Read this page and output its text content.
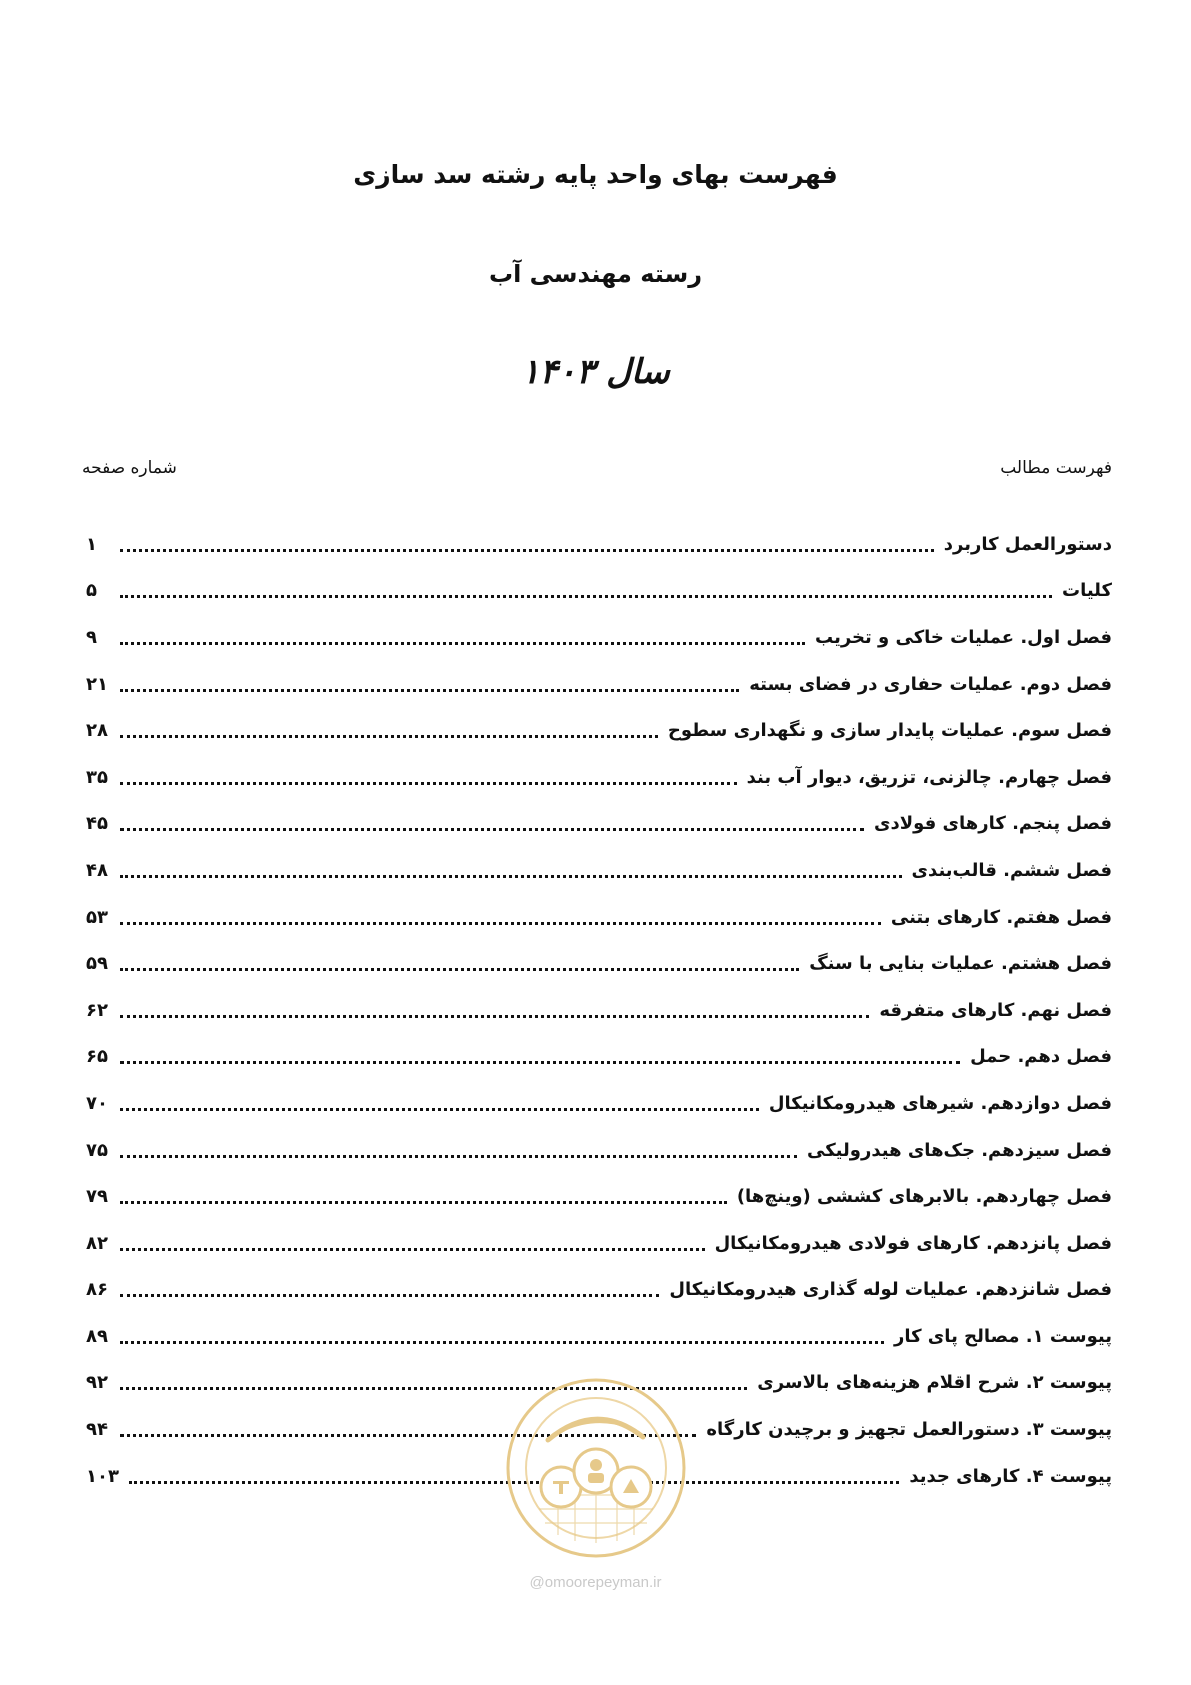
فهرست بهای واحد پایه رشته سد سازی
رسته مهندسی آب
سال ۱۴۰۳
فهرست مطالب
شماره صفحه
دستورالعمل کاربرد
۱
کلیات
۵
فصل اول. عملیات خاکی و تخریب
۹
فصل دوم. عملیات حفاری در فضای بسته
۲۱
فصل سوم. عملیات پایدار سازی و نگهداری سطوح
۲۸
فصل چهارم. چالزنی، تزریق، دیوار آب بند
۳۵
فصل پنجم. کارهای فولادی
۴۵
فصل ششم. قالب‌بندی
۴۸
فصل هفتم. کارهای بتنی
۵۳
فصل هشتم. عملیات بنایی با سنگ
۵۹
فصل نهم. کارهای متفرقه
۶۲
فصل دهم. حمل
۶۵
فصل دوازدهم. شیرهای هیدرومکانیکال
۷۰
فصل سیزدهم. جک‌های هیدرولیکی
۷۵
فصل چهاردهم. بالابرهای کششی (وینچ‌ها)
۷۹
فصل پانزدهم. کارهای فولادی هیدرومکانیکال
۸۲
فصل شانزدهم. عملیات لوله گذاری هیدرومکانیکال
۸۶
پیوست ۱. مصالح پای کار
۸۹
پیوست ۲. شرح اقلام هزینه‌های بالاسری
۹۲
پیوست ۳. دستورالعمل تجهیز و برچیدن کارگاه
۹۴
پیوست ۴. کارهای جدید
۱۰۳
@omoorepeyman.ir
